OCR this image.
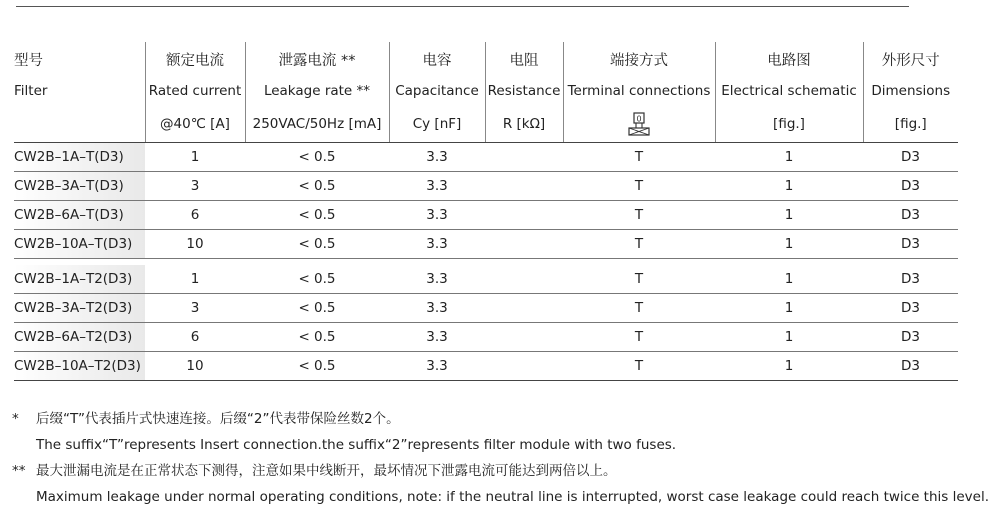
型号	额定电流	泄露电流 **	电容	电阻	端接方式	电路图	外形尺寸
Filter	Rated current	Leakage rate **	Capacitance	Resistance	Terminal connections	Electrical schematic	Dimensions
	@40℃ [A]	250VAC/50Hz [mA]	Cy [nF]	R [kΩ]	0	[fig.]	[fig.]
CW2B–1A–T(D3)	1	< 0.5	3.3		T	1	D3
CW2B–3A–T(D3)	3	< 0.5	3.3		T	1	D3
CW2B–6A–T(D3)	6	< 0.5	3.3		T	1	D3
CW2B–10A–T(D3)	10	< 0.5	3.3		T	1	D3

CW2B–1A–T2(D3)	1	< 0.5	3.3		T	1	D3
CW2B–3A–T2(D3)	3	< 0.5	3.3		T	1	D3
CW2B–6A–T2(D3)	6	< 0.5	3.3		T	1	D3
CW2B–10A–T2(D3)	10	< 0.5	3.3		T	1	D3
* 后缀“T”代表插片式快速连接。后缀“2”代表带保险丝数2个。
The suffix“T”represents Insert connection.the suffix“2”represents filter module with two fuses.
** 最大泄漏电流是在正常状态下测得，注意如果中线断开，最坏情况下泄露电流可能达到两倍以上。
Maximum leakage under normal operating conditions, note: if the neutral line is interrupted, worst case leakage could reach twice this level.
